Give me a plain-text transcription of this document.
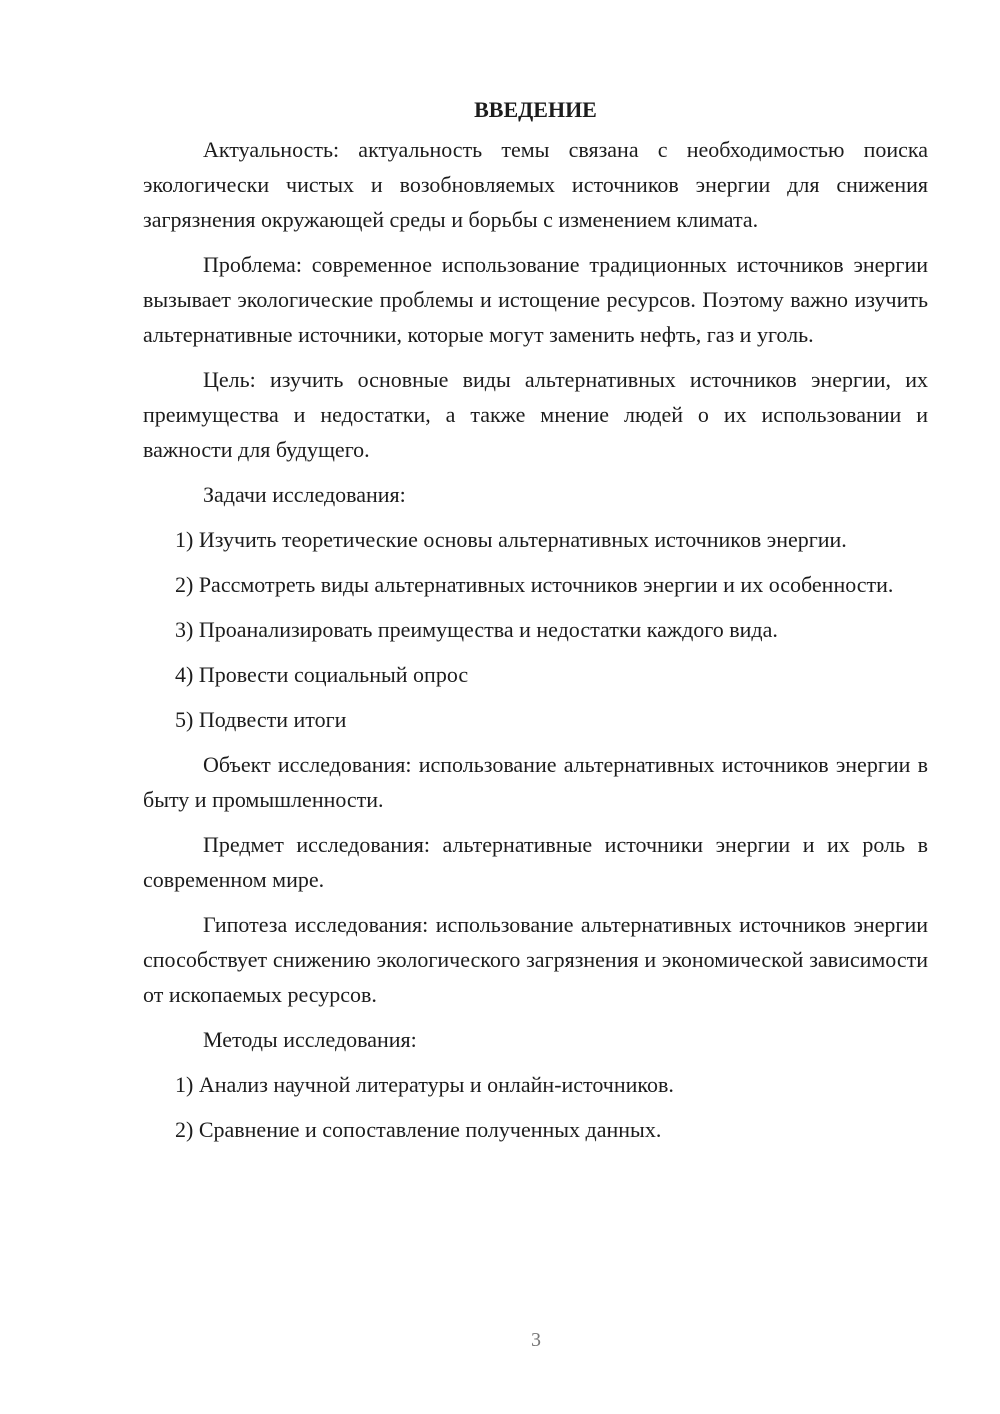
ВВЕДЕНИЕ

Актуальность: актуальность темы связана с необходимостью поиска экологически чистых и возобновляемых источников энергии для снижения загрязнения окружающей среды и борьбы с изменением климата.

Проблема: современное использование традиционных источников энергии вызывает экологические проблемы и истощение ресурсов. Поэтому важно изучить альтернативные источники, которые могут заменить нефть, газ и уголь.

Цель: изучить основные виды альтернативных источников энергии, их преимущества и недостатки, а также мнение людей о их использовании и важности для будущего.

Задачи исследования:

1) Изучить теоретические основы альтернативных источников энергии.

2) Рассмотреть виды альтернативных источников энергии и их особенности.

3) Проанализировать преимущества и недостатки каждого вида.

4) Провести социальный опрос

5) Подвести итоги

Объект исследования: использование альтернативных источников энергии в быту и промышленности.

Предмет исследования: альтернативные источники энергии и их роль в современном мире.

Гипотеза исследования: использование альтернативных источников энергии способствует снижению экологического загрязнения и экономической зависимости от ископаемых ресурсов.

Методы исследования:

1) Анализ научной литературы и онлайн-источников.

2) Сравнение и сопоставление полученных данных.

3
